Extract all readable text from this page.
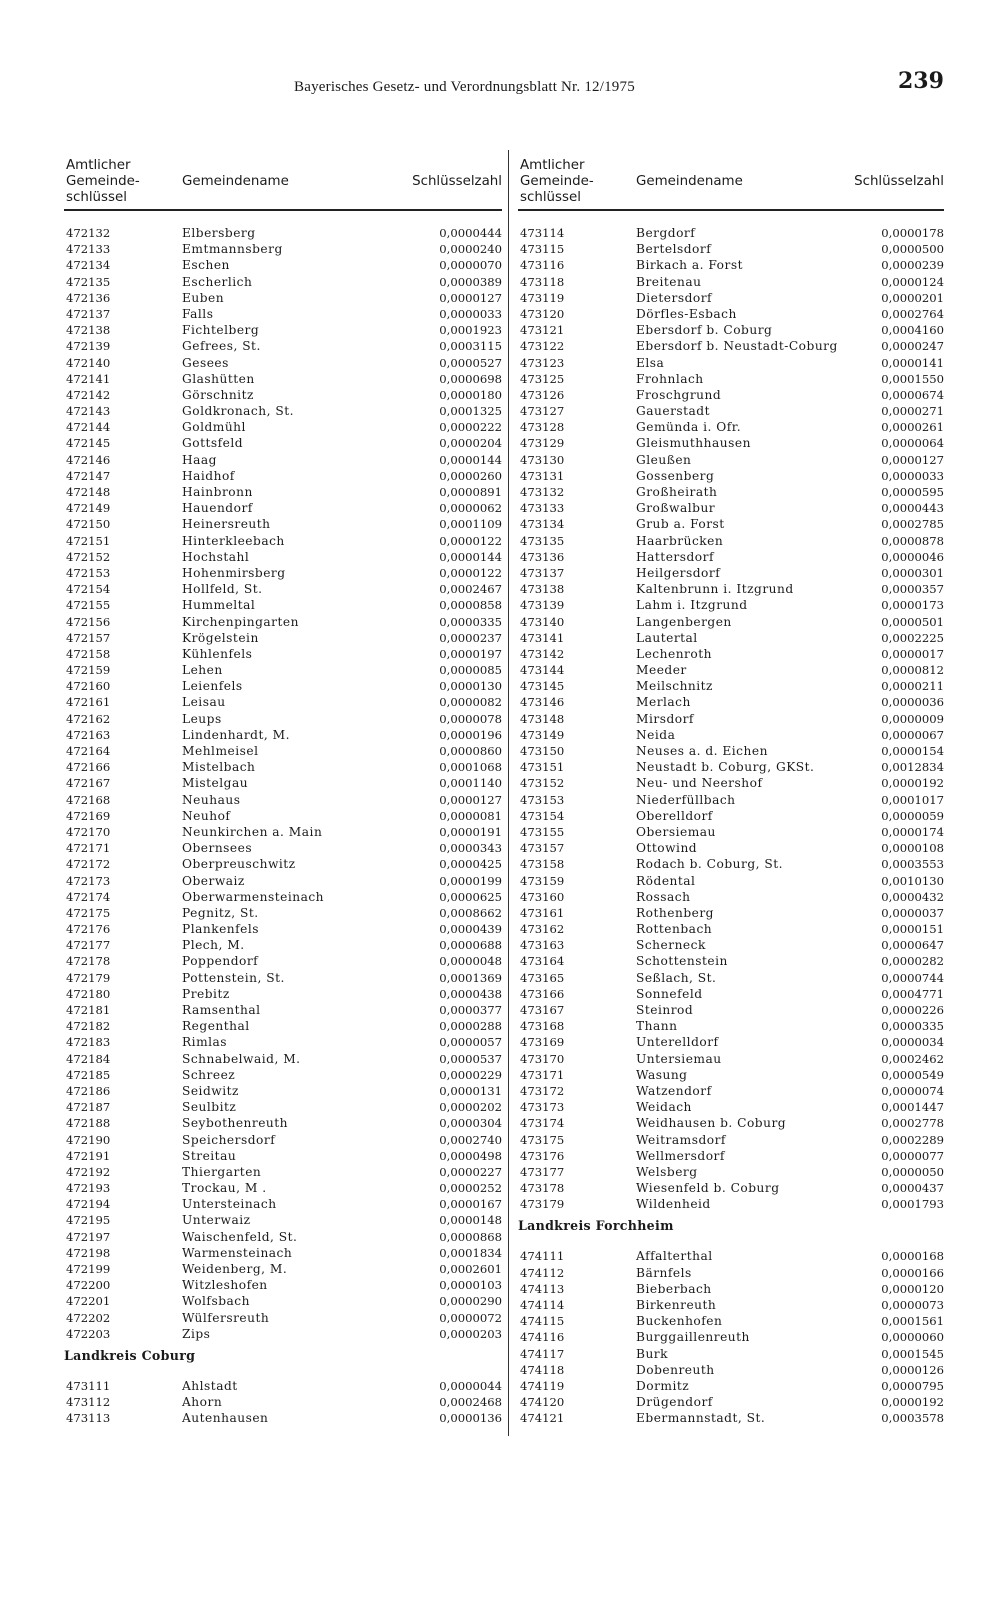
Bayerisches Gesetz- und Verordnungsblatt Nr. 12/1975	239
Amtlicher Gemeinde-schlüssel
Gemeindename	Schlüsselzahl
472132	Elbersberg	0,0000444
472133	Emtmannsberg	0,0000240
472134	Eschen	0,0000070
472135	Escherlich	0,0000389
472136	Euben	0,0000127
472137	Falls	0,0000033
472138	Fichtelberg	0,0001923
472139	Gefrees, St.	0,0003115
472140	Gesees	0,0000527
472141	Glashütten	0,0000698
472142	Görschnitz	0,0000180
472143	Goldkronach, St.	0,0001325
472144	Goldmühl	0,0000222
472145	Gottsfeld	0,0000204
472146	Haag	0,0000144
472147	Haidhof	0,0000260
472148	Hainbronn	0,0000891
472149	Hauendorf	0,0000062
472150	Heinersreuth	0,0001109
472151	Hinterkleebach	0,0000122
472152	Hochstahl	0,0000144
472153	Hohenmirsberg	0,0000122
472154	Hollfeld, St.	0,0002467
472155	Hummeltal	0,0000858
472156	Kirchenpingarten	0,0000335
472157	Krögelstein	0,0000237
472158	Kühlenfels	0,0000197
472159	Lehen	0,0000085
472160	Leienfels	0,0000130
472161	Leisau	0,0000082
472162	Leups	0,0000078
472163	Lindenhardt, M.	0,0000196
472164	Mehlmeisel	0,0000860
472166	Mistelbach	0,0001068
472167	Mistelgau	0,0001140
472168	Neuhaus	0,0000127
472169	Neuhof	0,0000081
472170	Neunkirchen a. Main	0,0000191
472171	Obernsees	0,0000343
472172	Oberpreuschwitz	0,0000425
472173	Oberwaiz	0,0000199
472174	Oberwarmensteinach	0,0000625
472175	Pegnitz, St.	0,0008662
472176	Plankenfels	0,0000439
472177	Plech, M.	0,0000688
472178	Poppendorf	0,0000048
472179	Pottenstein, St.	0,0001369
472180	Prebitz	0,0000438
472181	Ramsenthal	0,0000377
472182	Regenthal	0,0000288
472183	Rimlas	0,0000057
472184	Schnabelwaid, M.	0,0000537
472185	Schreez	0,0000229
472186	Seidwitz	0,0000131
472187	Seulbitz	0,0000202
472188	Seybothenreuth	0,0000304
472190	Speichersdorf	0,0002740
472191	Streitau	0,0000498
472192	Thiergarten	0,0000227
472193	Trockau, M .	0,0000252
472194	Untersteinach	0,0000167
472195	Unterwaiz	0,0000148
472197	Waischenfeld, St.	0,0000868
472198	Warmensteinach	0,0001834
472199	Weidenberg, M.	0,0002601
472200	Witzleshofen	0,0000103
472201	Wolfsbach	0,0000290
472202	Wülfersreuth	0,0000072
472203	Zips	0,0000203
Landkreis Coburg
473111	Ahlstadt	0,0000044
473112	Ahorn	0,0002468
473113	Autenhausen	0,0000136
Amtlicher Gemeinde-schlüssel
Gemeindename	Schlüsselzahl
473114	Bergdorf	0,0000178
473115	Bertelsdorf	0,0000500
473116	Birkach a. Forst	0,0000239
473118	Breitenau	0,0000124
473119	Dietersdorf	0,0000201
473120	Dörfles-Esbach	0,0002764
473121	Ebersdorf b. Coburg	0,0004160
473122	Ebersdorf b. Neustadt-Coburg	0,0000247
473123	Elsa	0,0000141
473125	Frohnlach	0,0001550
473126	Froschgrund	0,0000674
473127	Gauerstadt	0,0000271
473128	Gemünda i. Ofr.	0,0000261
473129	Gleismuthhausen	0,0000064
473130	Gleußen	0,0000127
473131	Gossenberg	0,0000033
473132	Großheirath	0,0000595
473133	Großwalbur	0,0000443
473134	Grub a. Forst	0,0002785
473135	Haarbrücken	0,0000878
473136	Hattersdorf	0,0000046
473137	Heilgersdorf	0,0000301
473138	Kaltenbrunn i. Itzgrund	0,0000357
473139	Lahm i. Itzgrund	0,0000173
473140	Langenbergen	0,0000501
473141	Lautertal	0,0002225
473142	Lechenroth	0,0000017
473144	Meeder	0,0000812
473145	Meilschnitz	0,0000211
473146	Merlach	0,0000036
473148	Mirsdorf	0,0000009
473149	Neida	0,0000067
473150	Neuses a. d. Eichen	0,0000154
473151	Neustadt b. Coburg, GKSt.	0,0012834
473152	Neu- und Neershof	0,0000192
473153	Niederfüllbach	0,0001017
473154	Oberelldorf	0,0000059
473155	Obersiemau	0,0000174
473157	Ottowind	0,0000108
473158	Rodach b. Coburg, St.	0,0003553
473159	Rödental	0,0010130
473160	Rossach	0,0000432
473161	Rothenberg	0,0000037
473162	Rottenbach	0,0000151
473163	Scherneck	0,0000647
473164	Schottenstein	0,0000282
473165	Seßlach, St.	0,0000744
473166	Sonnefeld	0,0004771
473167	Steinrod	0,0000226
473168	Thann	0,0000335
473169	Unterelldorf	0,0000034
473170	Untersiemau	0,0002462
473171	Wasung	0,0000549
473172	Watzendorf	0,0000074
473173	Weidach	0,0001447
473174	Weidhausen b. Coburg	0,0002778
473175	Weitramsdorf	0,0002289
473176	Wellmersdorf	0,0000077
473177	Welsberg	0,0000050
473178	Wiesenfeld b. Coburg	0,0000437
473179	Wildenheid	0,0001793
Landkreis Forchheim
474111	Affalterthal	0,0000168
474112	Bärnfels	0,0000166
474113	Bieberbach	0,0000120
474114	Birkenreuth	0,0000073
474115	Buckenhofen	0,0001561
474116	Burggaillenreuth	0,0000060
474117	Burk	0,0001545
474118	Dobenreuth	0,0000126
474119	Dormitz	0,0000795
474120	Drügendorf	0,0000192
474121	Ebermannstadt, St.	0,0003578
